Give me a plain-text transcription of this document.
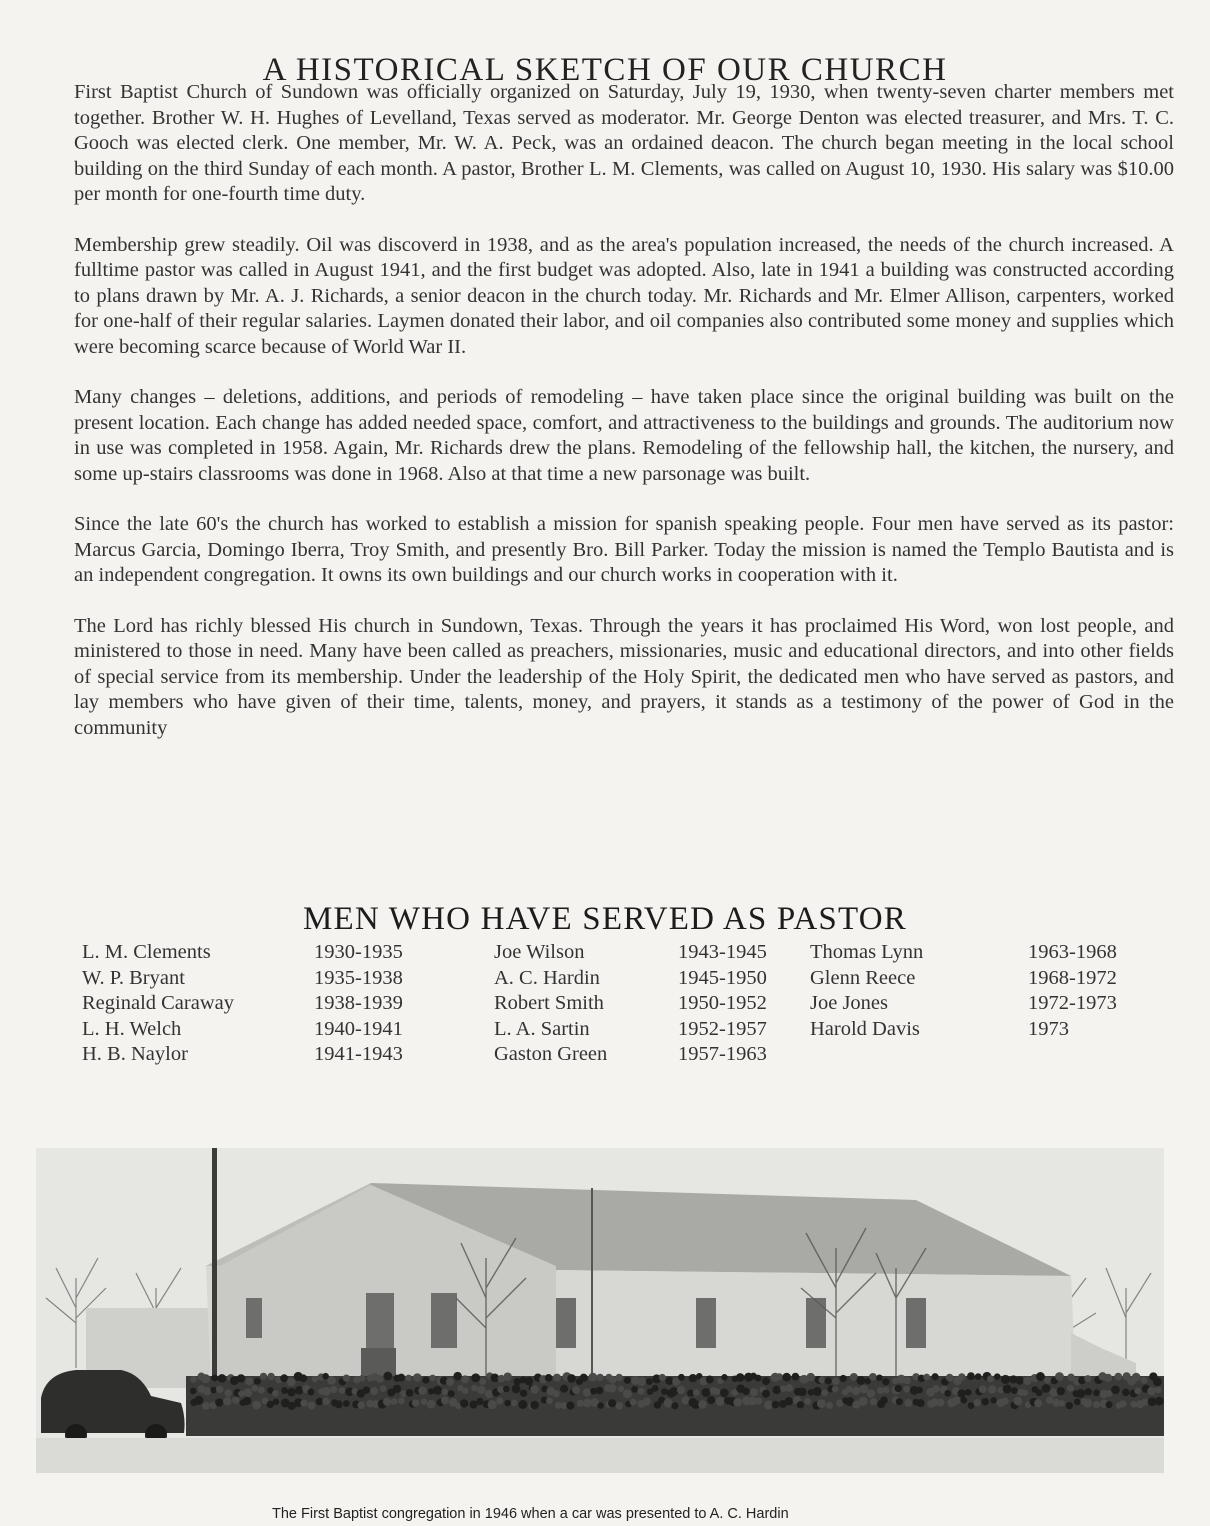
A HISTORICAL SKETCH OF OUR CHURCH

First Baptist Church of Sundown was officially organized on Saturday, July 19, 1930, when twenty-seven charter members met together. Brother W. H. Hughes of Levelland, Texas served as moderator. Mr. George Denton was elected treasurer, and Mrs. T. C. Gooch was elected clerk. One member, Mr. W. A. Peck, was an ordained deacon. The church began meeting in the local school building on the third Sunday of each month. A pastor, Brother L. M. Clements, was called on August 10, 1930. His salary was $10.00 per month for one-fourth time duty.

Membership grew steadily. Oil was discoverd in 1938, and as the area's population increased, the needs of the church increased. A fulltime pastor was called in August 1941, and the first budget was adopted. Also, late in 1941 a building was constructed according to plans drawn by Mr. A. J. Richards, a senior deacon in the church today. Mr. Richards and Mr. Elmer Allison, carpenters, worked for one-half of their regular salaries. Laymen donated their labor, and oil companies also contributed some money and supplies which were becoming scarce because of World War II.

Many changes – deletions, additions, and periods of remodeling – have taken place since the original building was built on the present location. Each change has added needed space, comfort, and attractiveness to the buildings and grounds. The auditorium now in use was completed in 1958. Again, Mr. Richards drew the plans. Remodeling of the fellowship hall, the kitchen, the nursery, and some up-stairs classrooms was done in 1968. Also at that time a new parsonage was built.

Since the late 60's the church has worked to establish a mission for spanish speaking people. Four men have served as its pastor: Marcus Garcia, Domingo Iberra, Troy Smith, and presently Bro. Bill Parker. Today the mission is named the Templo Bautista and is an independent congregation. It owns its own buildings and our church works in cooperation with it.

The Lord has richly blessed His church in Sundown, Texas. Through the years it has proclaimed His Word, won lost people, and ministered to those in need. Many have been called as preachers, missionaries, music and educational directors, and into other fields of special service from its membership. Under the leadership of the Holy Spirit, the dedicated men who have served as pastors, and lay members who have given of their time, talents, money, and prayers, it stands as a testimony of the power of God in the community

MEN WHO HAVE SERVED AS PASTOR
L. M. Clements
W. P. Bryant
Reginald Caraway
L. H. Welch
H. B. Naylor
1930-1935
1935-1938
1938-1939
1940-1941
1941-1943
Joe Wilson
A. C. Hardin
Robert Smith
L. A. Sartin
Gaston Green
1943-1945
1945-1950
1950-1952
1952-1957
1957-1963
Thomas Lynn
Glenn Reece
Joe Jones
Harold Davis
1963-1968
1968-1972
1972-1973
1973
The First Baptist congregation in 1946 when a car was presented to A. C. Hardin
